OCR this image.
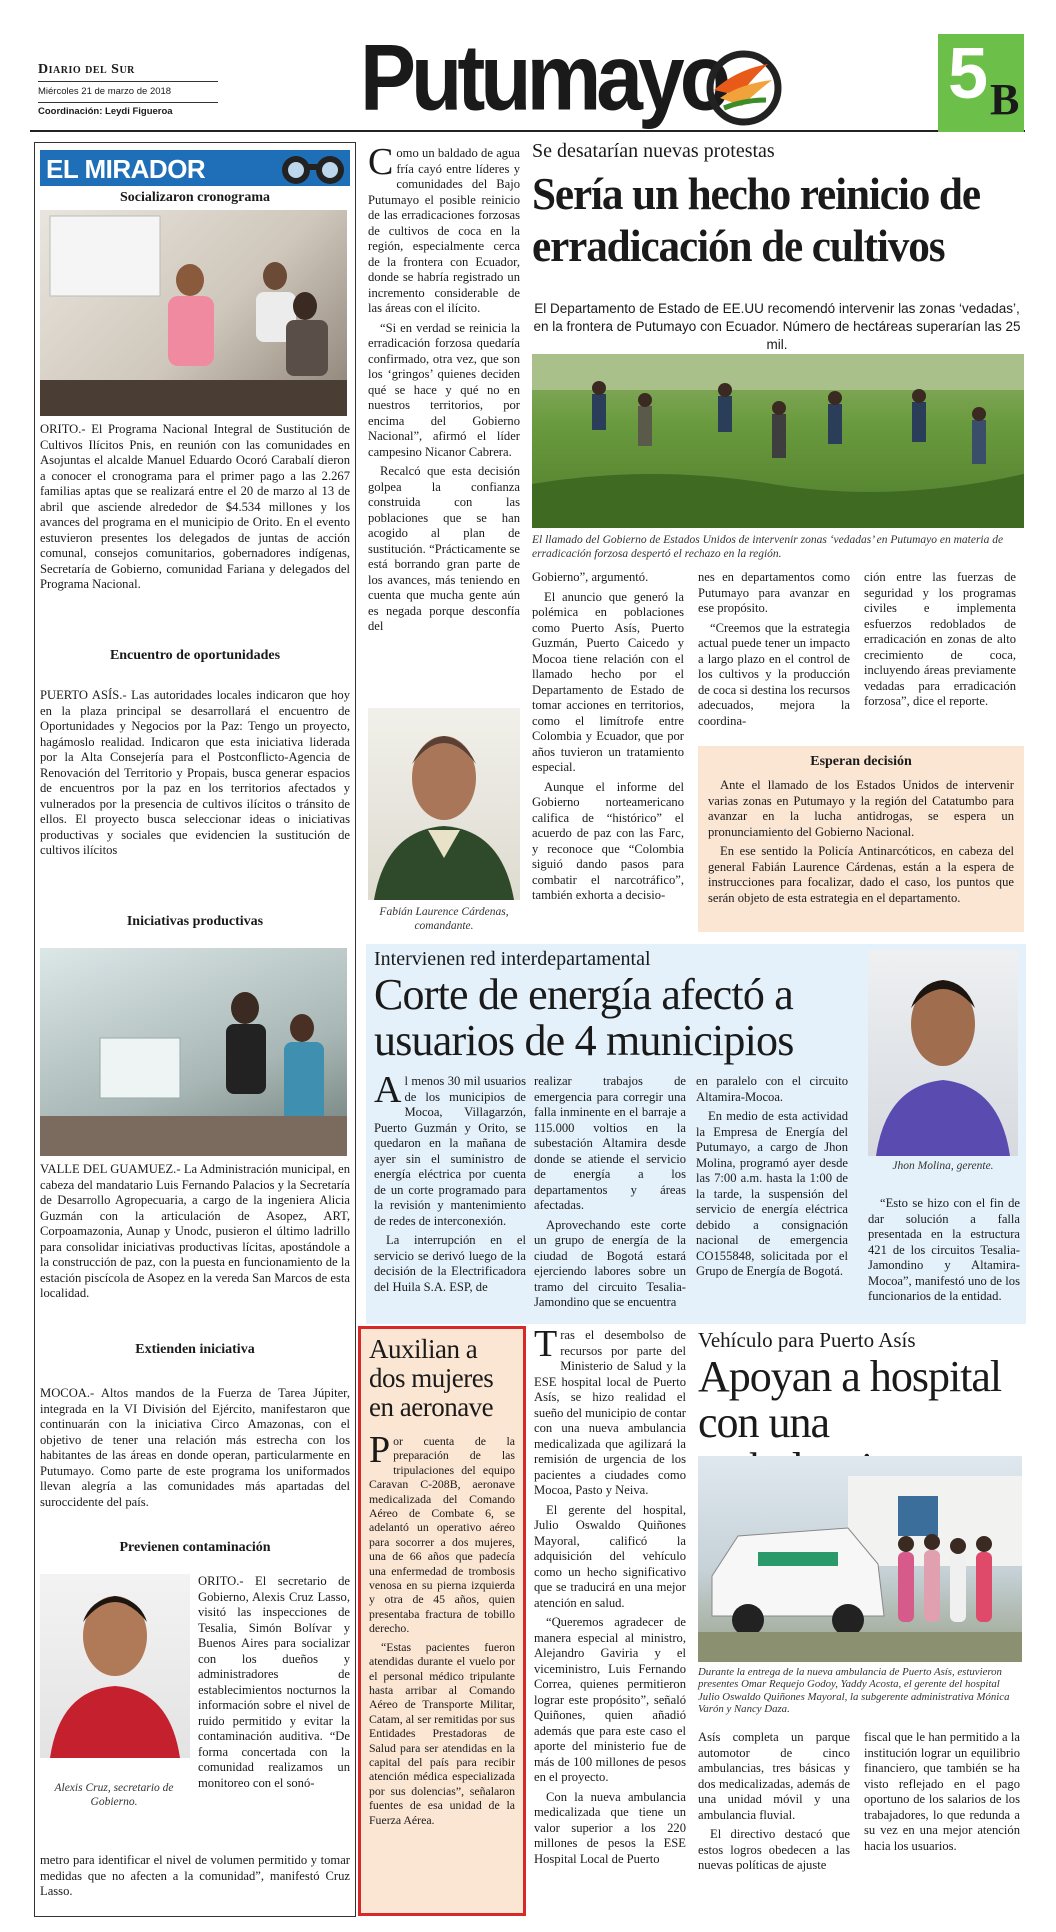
Diario del Sur
Miércoles 21 de marzo de 2018
Coordinación: Leydi Figueroa	Putumayo	5 B
EL MIRADOR
Socializaron cronograma

ORITO.- El Programa Nacional Integral de Sustitución de Cultivos Ilícitos Pnis, en reunión con las comunidades en Asojuntas el alcalde Manuel Eduardo Ocoró Carabalí dieron a conocer el cronograma para el primer pago a las 2.267 familias aptas que se realizará entre el 20 de marzo al 13 de abril que asciende alrededor de $4.534 millones y los avances del programa en el municipio de Orito. En el evento estuvieron presentes los delegados de juntas de acción comunal, consejos comunitarios, gobernadores indígenas, Secretaría de Gobierno, comunidad Fariana y delegados del Programa Nacional.

Encuentro de oportunidades

PUERTO ASÍS.- Las autoridades locales indicaron que hoy en la plaza principal se desarrollará el encuentro de Oportunidades y Negocios por la Paz: Tengo un proyecto, hagámoslo realidad. Indicaron que esta iniciativa liderada por la Alta Consejería para el Postconflicto-Agencia de Renovación del Territorio y Propais, busca generar espacios de encuentros por la paz en los territorios afectados y vulnerados por la presencia de cultivos ilícitos o tránsito de ellos. El proyecto busca seleccionar ideas o iniciativas productivas y sociales que evidencien la sustitución de cultivos ilícitos

Iniciativas productivas

VALLE DEL GUAMUEZ.- La Administración municipal, en cabeza del mandatario Luis Fernando Palacios y la Secretaría de Desarrollo Agropecuaria, a cargo de la ingeniera Alicia Guzmán con la articulación de Asopez, ART, Corpoamazonia, Aunap y Unodc, pusieron el último ladrillo para consolidar iniciativas productivas lícitas, apostándole a la construcción de paz, con la puesta en funcionamiento de la estación piscícola de Asopez en la vereda San Marcos de esta localidad.

Extienden iniciativa

MOCOA.- Altos mandos de la Fuerza de Tarea Júpiter, integrada en la VI División del Ejército, manifestaron que continuarán con la iniciativa Circo Amazonas, con el objetivo de tener una relación más estrecha con los habitantes de las áreas en donde operan, particularmente en Putumayo. Como parte de este programa los uniformados llevan alegría a las comunidades más apartadas del suroccidente del país.

Previenen contaminación
Alexis Cruz, secretario de Gobierno.

ORITO.- El secretario de Gobierno, Alexis Cruz Lasso, visitó las inspecciones de Tesalia, Simón Bolívar y Buenos Aires para socializar con los dueños y administradores de establecimientos nocturnos la información sobre el nivel de ruido permitido y evitar la contaminación auditiva. “De forma concertada con la comunidad realizamos un monitoreo con el sonó-

metro para identificar el nivel de volumen permitido y tomar medidas que no afecten a la comunidad”, manifestó Cruz Lasso.

Como un baldado de agua fría cayó entre líderes y comunidades del Bajo Putumayo el posible reinicio de las erradicaciones forzosas de cultivos de coca en la región, especialmente cerca de la frontera con Ecuador, donde se habría registrado un incremento considerable de las áreas con el ilícito.

“Si en verdad se reinicia la erradicación forzosa quedaría confirmado, otra vez, que son los ‘gringos’ quienes deciden qué se hace y qué no en nuestros territorios, por encima del Gobierno Nacional”, afirmó el líder campesino Nicanor Cabrera.

Recalcó que esta decisión golpea la confianza construida con las poblaciones que se han acogido al plan de sustitución. “Prácticamente se está borrando gran parte de los avances, más teniendo en cuenta que mucha gente aún es negada porque desconfía del

Fabián Laurence Cárdenas, comandante.
Se desatarían nuevas protestas
Sería un hecho reinicio de erradicación de cultivos
El Departamento de Estado de EE.UU recomendó intervenir las zonas ‘vedadas’, en la frontera de Putumayo con Ecuador. Número de hectáreas superarían las 25 mil.
El llamado del Gobierno de Estados Unidos de intervenir zonas ‘vedadas’ en Putumayo en materia de erradicación forzosa despertó el rechazo en la región.

Gobierno”, argumentó.

El anuncio que generó la polémica en poblaciones como Puerto Asís, Puerto Guzmán, Puerto Caicedo y Mocoa tiene relación con el llamado hecho por el Departamento de Estado de tomar acciones en territorios, como el limítrofe entre Colombia y Ecuador, que por años tuvieron un tratamiento especial.

Aunque el informe del Gobierno norteamericano califica de “histórico” el acuerdo de paz con las Farc, y reconoce que “Colombia siguió dando pasos para combatir el narcotráfico”, también exhorta a decisio-

nes en departamentos como Putumayo para avanzar en ese propósito.

“Creemos que la estrategia actual puede tener un impacto a largo plazo en el control de los cultivos y la producción de coca si destina los recursos adecuados, mejora la coordina-

ción entre las fuerzas de seguridad y los programas civiles e implementa esfuerzos redoblados de erradicación en zonas de alto crecimiento de coca, incluyendo áreas previamente vedadas para erradicación forzosa”, dice el reporte.

Esperan decisión

Ante el llamado de los Estados Unidos de intervenir varias zonas en Putumayo y la región del Catatumbo para avanzar en la lucha antidrogas, se espera un pronunciamiento del Gobierno Nacional.

En ese sentido la Policía Antinarcóticos, en cabeza del general Fabián Laurence Cárdenas, están a la espera de instrucciones para focalizar, dado el caso, los puntos que serán objeto de esta estrategia en el departamento.

Intervienen red interdepartamental
Corte de energía afectó a usuarios de 4 municipios

Al menos 30 mil usuarios de los municipios de Mocoa, Villagarzón, Puerto Guzmán y Orito, se quedaron en la mañana de ayer sin el suministro de energía eléctrica por cuenta de un corte programado para la revisión y mantenimiento de redes de interconexión.

La interrupción en el servicio se derivó luego de la decisión de la Electrificadora del Huila S.A. ESP, de

realizar trabajos de emergencia para corregir una falla inminente en el barraje a 115.000 voltios en la subestación Altamira desde donde se atiende el servicio de energía a los departamentos y áreas afectadas.

Aprovechando este corte un grupo de energía de la ciudad de Bogotá estará ejerciendo labores sobre un tramo del circuito Tesalia-Jamondino que se encuentra

en paralelo con el circuito Altamira-Mocoa.

En medio de esta actividad la Empresa de Energía del Putumayo, a cargo de Jhon Molina, programó ayer desde las 7:00 a.m. hasta la 1:00 de la tarde, la suspensión del servicio de energía eléctrica debido a consignación nacional de emergencia CO155848, solicitada por el Grupo de Energía de Bogotá.

Jhon Molina, gerente.

“Esto se hizo con el fin de dar solución a falla presentada en la estructura 421 de los circuitos Tesalia-Jamondino y Altamira-Mocoa”, manifestó uno de los funcionarios de la entidad.

Auxilian a dos mujeres en aeronave

Por cuenta de la preparación de las tripulaciones del equipo Caravan C-208B, aeronave medicalizada del Comando Aéreo de Combate 6, se adelantó un operativo aéreo para socorrer a dos mujeres, una de 66 años que padecía una enfermedad de trombosis venosa en su pierna izquierda y otra de 45 años, quien presentaba fractura de tobillo derecho.

“Estas pacientes fueron atendidas durante el vuelo por el personal médico tripulante hasta arribar al Comando Aéreo de Transporte Militar, Catam, al ser remitidas por sus Entidades Prestadoras de Salud para ser atendidas en la capital del país para recibir atención médica especializada por sus dolencias”, señalaron fuentes de esa unidad de la Fuerza Aérea.

Tras el desembolso de recursos por parte del Ministerio de Salud y la ESE hospital local de Puerto Asís, se hizo realidad el sueño del municipio de contar con una nueva ambulancia medicalizada que agilizará la remisión de urgencia de los pacientes a ciudades como Mocoa, Pasto y Neiva.

El gerente del hospital, Julio Oswaldo Quiñones Mayoral, calificó la adquisición del vehículo como un hecho significativo que se traducirá en una mejor atención en salud.

“Queremos agradecer de manera especial al ministro, Alejandro Gaviria y el viceministro, Luis Fernando Correa, quienes permitieron lograr este propósito”, señaló Quiñones, quien añadió además que para este caso el aporte del ministerio fue de más de 100 millones de pesos en el proyecto.

Con la nueva ambulancia medicalizada que tiene un valor superior a los 220 millones de pesos la ESE Hospital Local de Puerto

Vehículo para Puerto Asís
Apoyan a hospital con una
Durante la entrega de la nueva ambulancia de Puerto Asís, estuvieron presentes Omar Requejo Godoy, Yaddy Acosta, el gerente del hospital Julio Oswaldo Quiñones Mayoral, la subgerente administrativa Mónica Varón y Nancy Daza.

Asís completa un parque automotor de cinco ambulancias, tres básicas y dos medicalizadas, además de una unidad móvil y una ambulancia fluvial.

El directivo destacó que estos logros obedecen a las nuevas políticas de ajuste

fiscal que le han permitido a la institución lograr un equilibrio financiero, que también se ha visto reflejado en el pago oportuno de los salarios de los trabajadores, lo que redunda a su vez en una mejor atención hacia los usuarios.
